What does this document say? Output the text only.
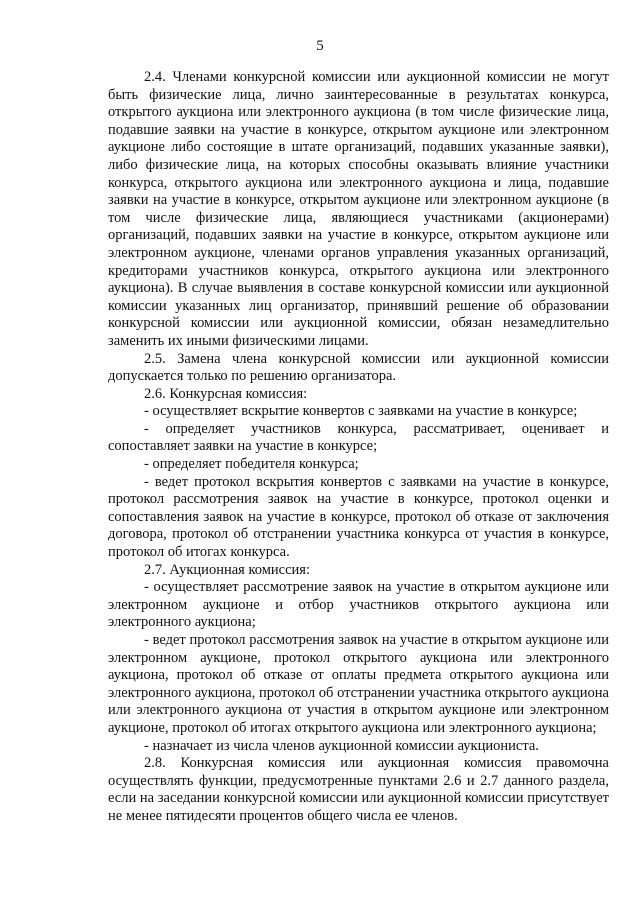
5

2.4. Членами конкурсной комиссии или аукционной комиссии не могут быть физические лица, лично заинтересованные в результатах конкурса, открытого аукциона или электронного аукциона (в том числе физические лица, подавшие заявки на участие в конкурсе, открытом аукционе или электронном аукционе либо состоящие в штате организаций, подавших указанные заявки), либо физические лица, на которых способны оказывать влияние участники конкурса, открытого аукциона или электронного аукциона и лица, подавшие заявки на участие в конкурсе, открытом аукционе или электронном аукционе (в том числе физические лица, являющиеся участниками (акционерами) организаций, подавших заявки на участие в конкурсе, открытом аукционе или электронном аукционе, членами органов управления указанных организаций, кредиторами участников конкурса, открытого аукциона или электронного аукциона). В случае выявления в составе конкурсной комиссии или аукционной комиссии указанных лиц организатор, принявший решение об образовании конкурсной комиссии или аукционной комиссии, обязан незамедлительно заменить их иными физическими лицами.

2.5. Замена члена конкурсной комиссии или аукционной комиссии допускается только по решению организатора.

2.6. Конкурсная комиссия:

- осуществляет вскрытие конвертов с заявками на участие в конкурсе;

- определяет участников конкурса, рассматривает, оценивает и сопоставляет заявки на участие в конкурсе;

- определяет победителя конкурса;

- ведет протокол вскрытия конвертов с заявками на участие в конкурсе, протокол рассмотрения заявок на участие в конкурсе, протокол оценки и сопоставления заявок на участие в конкурсе, протокол об отказе от заключения договора, протокол об отстранении участника конкурса от участия в конкурсе, протокол об итогах конкурса.

2.7. Аукционная комиссия:

- осуществляет рассмотрение заявок на участие в открытом аукционе или электронном аукционе и отбор участников открытого аукциона или электронного аукциона;

- ведет протокол рассмотрения заявок на участие в открытом аукционе или электронном аукционе, протокол открытого аукциона или электронного аукциона, протокол об отказе от оплаты предмета открытого аукциона или электронного аукциона, протокол об отстранении участника открытого аукциона или электронного аукциона от участия в открытом аукционе или электронном аукционе, протокол об итогах открытого аукциона или электронного аукциона;

- назначает из числа членов аукционной комиссии аукциониста.

2.8. Конкурсная комиссия или аукционная комиссия правомочна осуществлять функции, предусмотренные пунктами 2.6 и 2.7 данного раздела, если на заседании конкурсной комиссии или аукционной комиссии присутствует не менее пятидесяти процентов общего числа ее членов.
